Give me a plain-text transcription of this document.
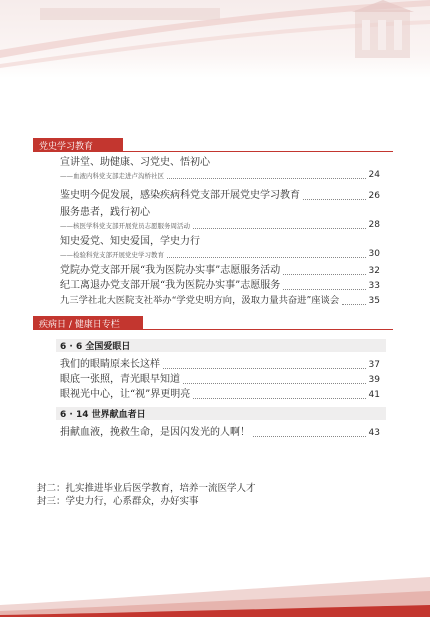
党史学习教育
宣讲堂、助健康、习党史、悟初心
——血液内科党支部走进卢沟桥社区	24
鉴史明今促发展，感染疾病科党支部开展党史学习教育	26
服务患者，践行初心
——核医学科党支部开展党员志愿服务周活动	28
知史爱党、知史爱国，学史力行
——检验科党支部开展党史学习教育	30
党院办党支部开展“我为医院办实事”志愿服务活动	32
纪工离退办党支部开展“我为医院办实事”志愿服务	33
九三学社北大医院支社举办“学党史明方向，汲取力量共奋进”座谈会	35
疾病日 / 健康日专栏
6 · 6 全国爱眼日
我们的眼睛原来长这样	37
眼底一张照，青光眼早知道	39
眼视光中心，让“视”界更明亮	41
6 · 14 世界献血者日
捐献血液，挽救生命，是因闪发光的人啊！	43
封二：扎实推进毕业后医学教育，培养一流医学人才
封三：学史力行，心系群众，办好实事
